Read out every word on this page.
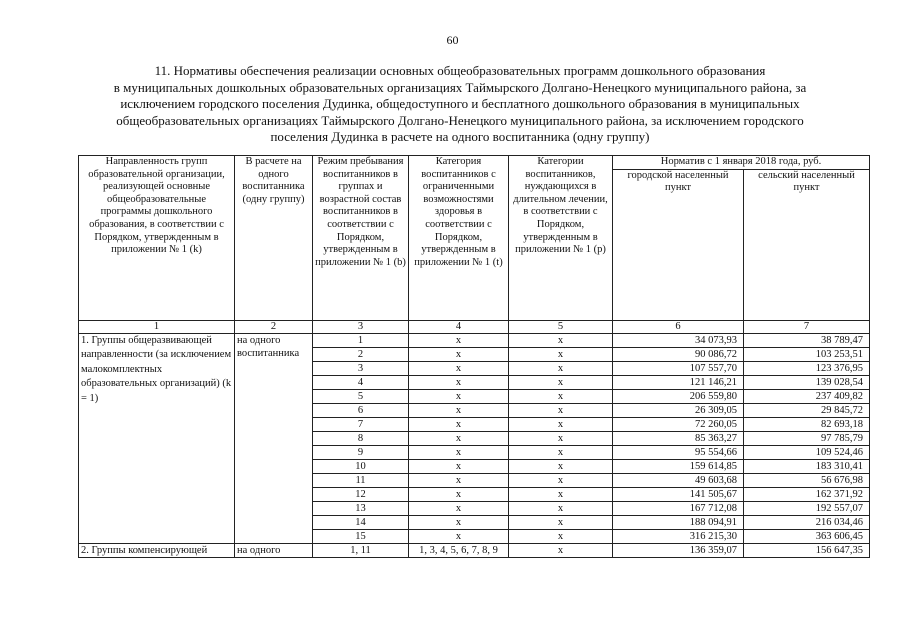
60
11. Нормативы обеспечения реализации основных общеобразовательных программ дошкольного образования
в муниципальных дошкольных образовательных организациях Таймырского Долгано-Ненецкого муниципального района, за
исключением городского поселения Дудинка, общедоступного и бесплатного дошкольного образования в муниципальных
общеобразовательных организациях Таймырского Долгано-Ненецкого муниципального района, за исключением городского
поселения Дудинка в расчете на одного воспитанника (одну группу)
Направленность групп образовательной организации, реализующей основные общеобразовательные программы дошкольного образования, в соответствии с Порядком, утвержденным в приложении № 1 (k)	В расчете на одного воспитанника (одну группу)	Режим пребывания воспитанников в группах и возрастной состав воспитанников в соответствии с Порядком, утвержденным в приложении № 1 (b)	Категория воспитанников с ограниченными возможностями здоровья в соответствии с Порядком, утвержденным в приложении № 1 (t)	Категории воспитанников, нуждающихся в длительном лечении, в соответствии с Порядком, утвержденным в приложении № 1 (p)	Норматив с 1 января 2018 года, руб.	
					городской населенный пункт	сельский населенный пункт
1	2	3	4	5	6	7
1. Группы общеразвивающей направленности (за исключением малокомплектных образовательных организаций) (k = 1)	на одного воспитанника	1	х	х	34 073,93	38 789,47
		2	х	х	90 086,72	103 253,51
		3	х	х	107 557,70	123 376,95
		4	х	х	121 146,21	139 028,54
		5	х	х	206 559,80	237 409,82
		6	х	х	26 309,05	29 845,72
		7	х	х	72 260,05	82 693,18
		8	х	х	85 363,27	97 785,79
		9	х	х	95 554,66	109 524,46
		10	х	х	159 614,85	183 310,41
		11	х	х	49 603,68	56 676,98
		12	х	х	141 505,67	162 371,92
		13	х	х	167 712,08	192 557,07
		14	х	х	188 094,91	216 034,46
		15	х	х	316 215,30	363 606,45
2. Группы компенсирующей	на одного	1, 11	1, 3, 4, 5, 6, 7, 8, 9	х	136 359,07	156 647,35
